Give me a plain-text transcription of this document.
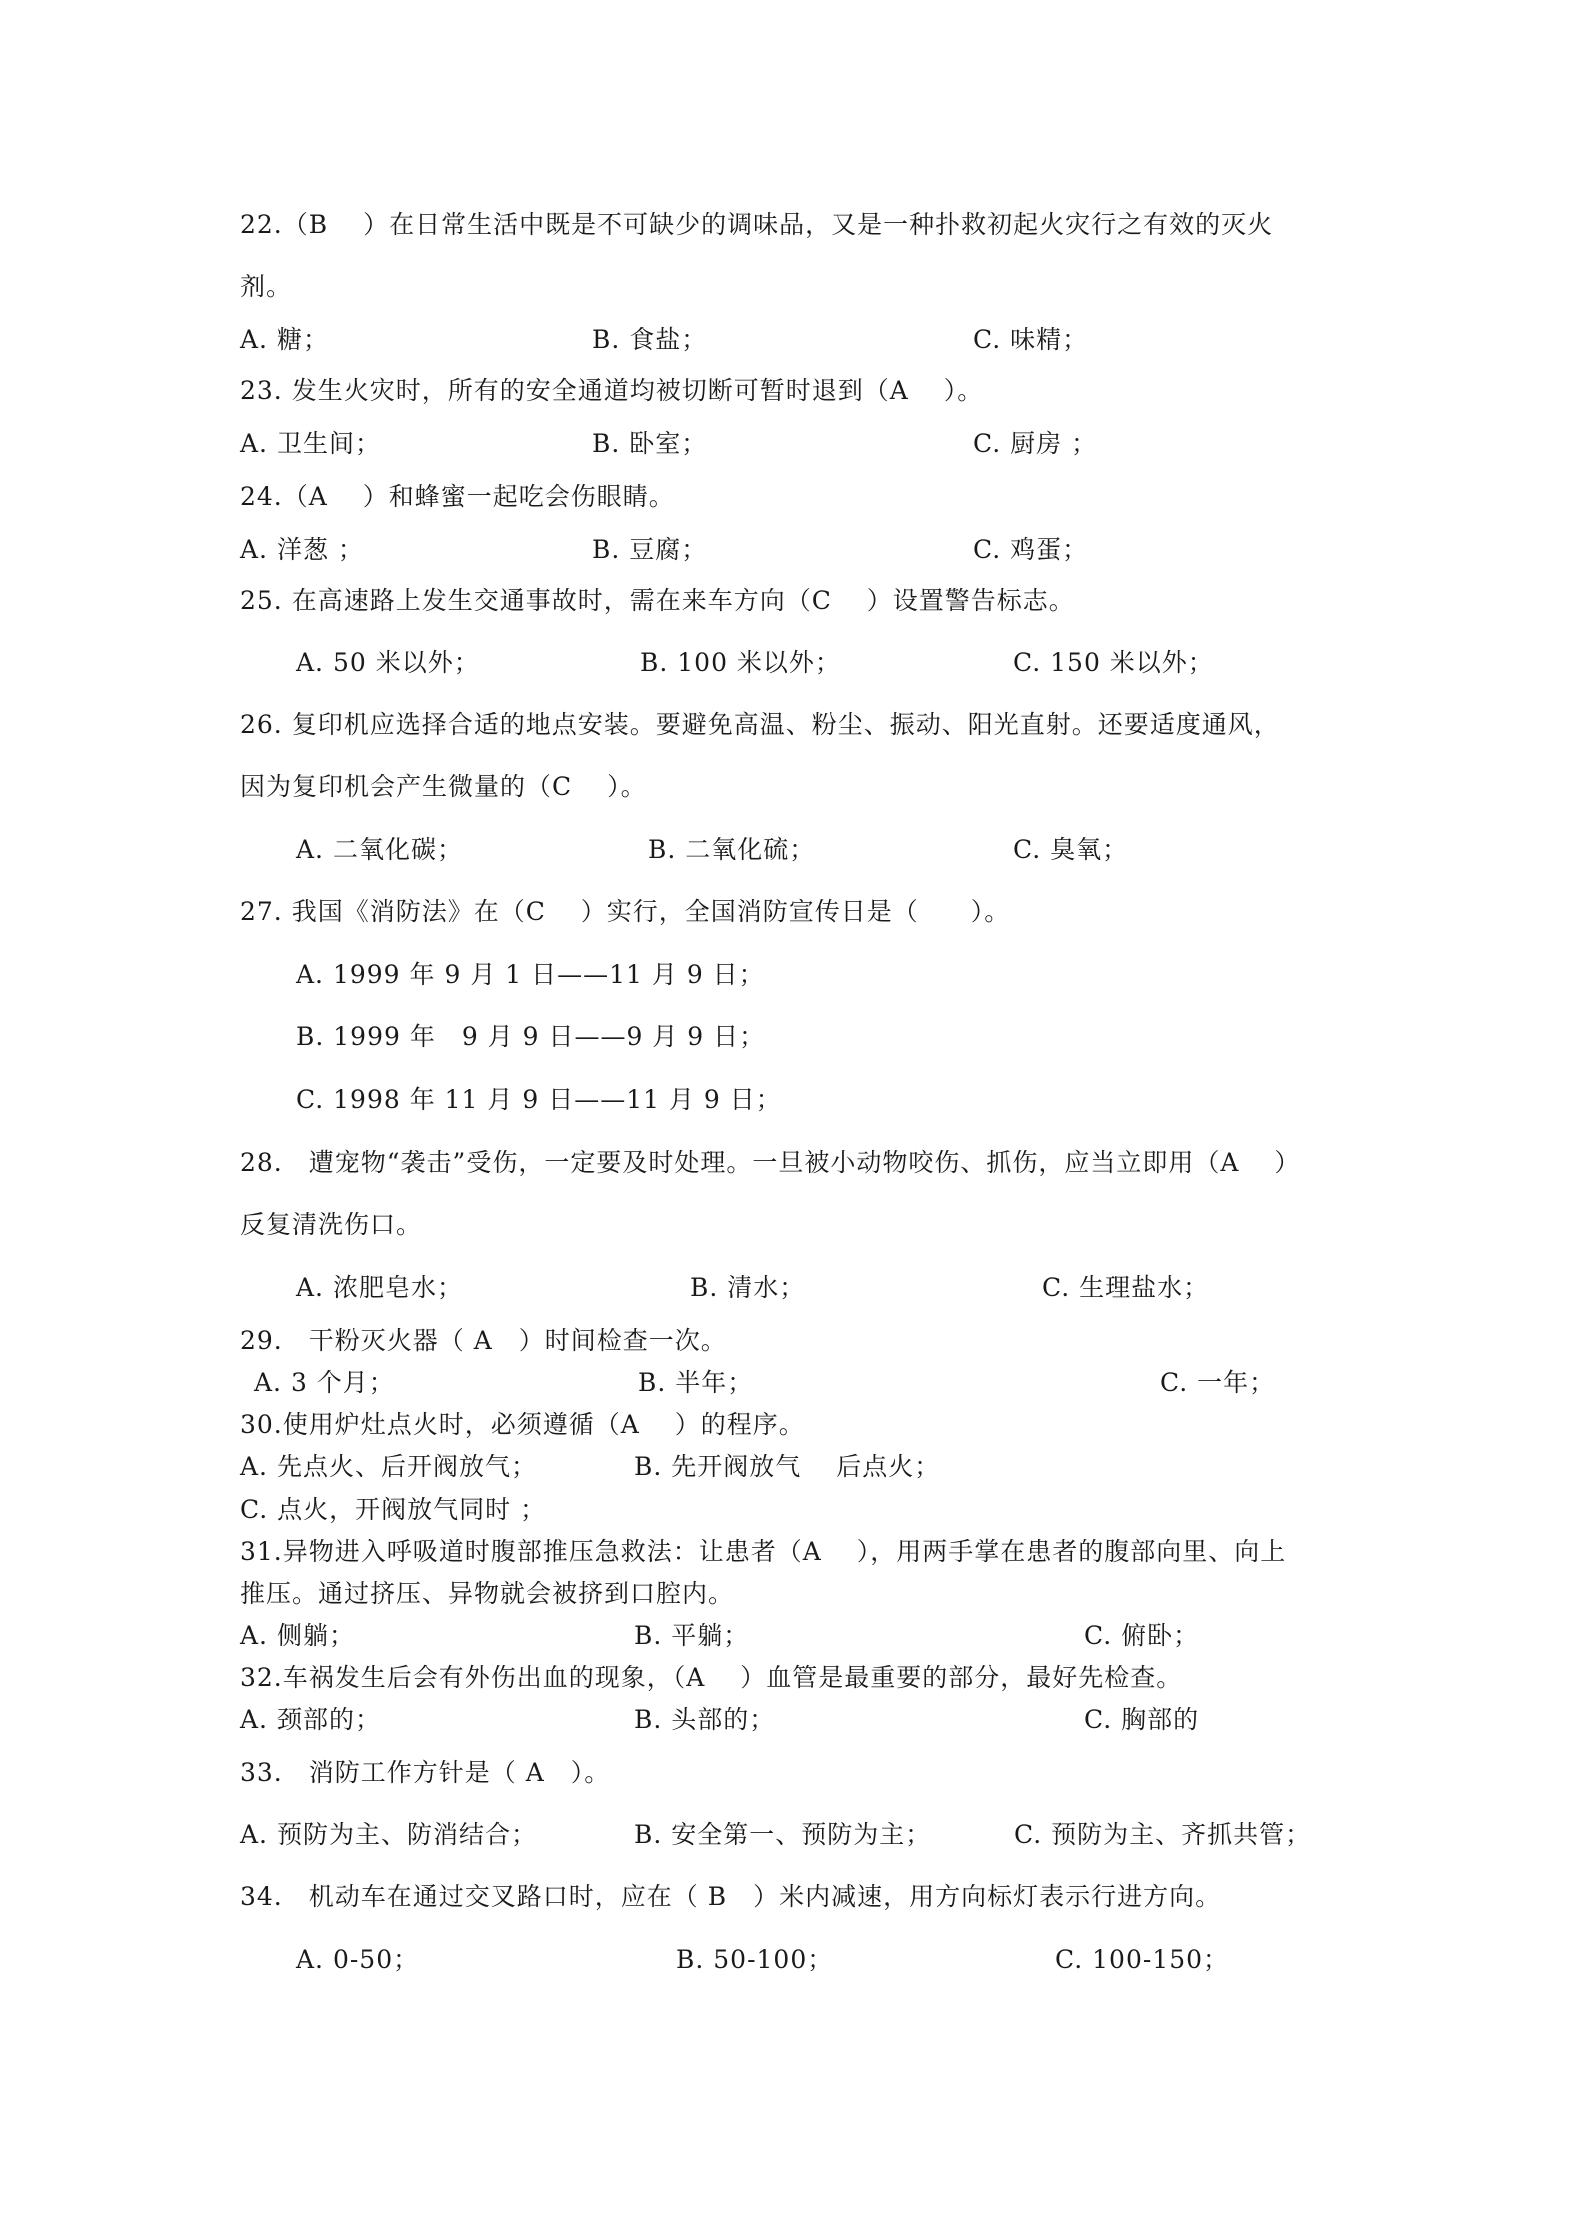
22.（B　 ）在日常生活中既是不可缺少的调味品，又是一种扑救初起火灾行之有效的灭火

剂。

A. 糖；	B. 食盐；	C. 味精；

23. 发生火灾时，所有的安全通道均被切断可暂时退到（A　 ）。

A. 卫生间；	B. 卧室；	C. 厨房 ；

24.（A　 ）和蜂蜜一起吃会伤眼睛。

A. 洋葱 ；	B. 豆腐；	C. 鸡蛋；

25. 在高速路上发生交通事故时，需在来车方向（C　 ）设置警告标志。

A. 50 米以外；	B. 100 米以外；	C. 150 米以外；

26. 复印机应选择合适的地点安装。要避免高温、粉尘、振动、阳光直射。还要适度通风，

因为复印机会产生微量的（C　 ）。

A. 二氧化碳；	B. 二氧化硫；	C. 臭氧；

27. 我国《消防法》在（C　 ）实行，全国消防宣传日是（　　）。

A. 1999 年 9 月 1 日——11 月 9 日；

B. 1999 年　9 月 9 日——9 月 9 日；

C. 1998 年 11 月 9 日——11 月 9 日；

28.　遭宠物“袭击”受伤，一定要及时处理。一旦被小动物咬伤、抓伤，应当立即用（A　 ）

反复清洗伤口。

A. 浓肥皂水；	B. 清水；	C. 生理盐水；

29.　干粉灭火器（ A　）时间检查一次。

A. 3 个月；	B. 半年；	C. 一年；

30.使用炉灶点火时，必须遵循（A　 ）的程序。

A. 先点火、后开阀放气；	B. 先开阀放气　 后点火；

C. 点火，开阀放气同时 ；

31.异物进入呼吸道时腹部推压急救法：让患者（A　 ），用两手掌在患者的腹部向里、向上

推压。通过挤压、异物就会被挤到口腔内。

A. 侧躺；	B. 平躺；	C. 俯卧；

32.车祸发生后会有外伤出血的现象，（A　 ）血管是最重要的部分，最好先检查。

A. 颈部的；	B. 头部的；	C. 胸部的

33.　消防工作方针是（ A　）。

A. 预防为主、防消结合；	B. 安全第一、预防为主；	C. 预防为主、齐抓共管；

34.　机动车在通过交叉路口时，应在（ B　）米内减速，用方向标灯表示行进方向。

A. 0-50；	B. 50-100；	C. 100-150；
